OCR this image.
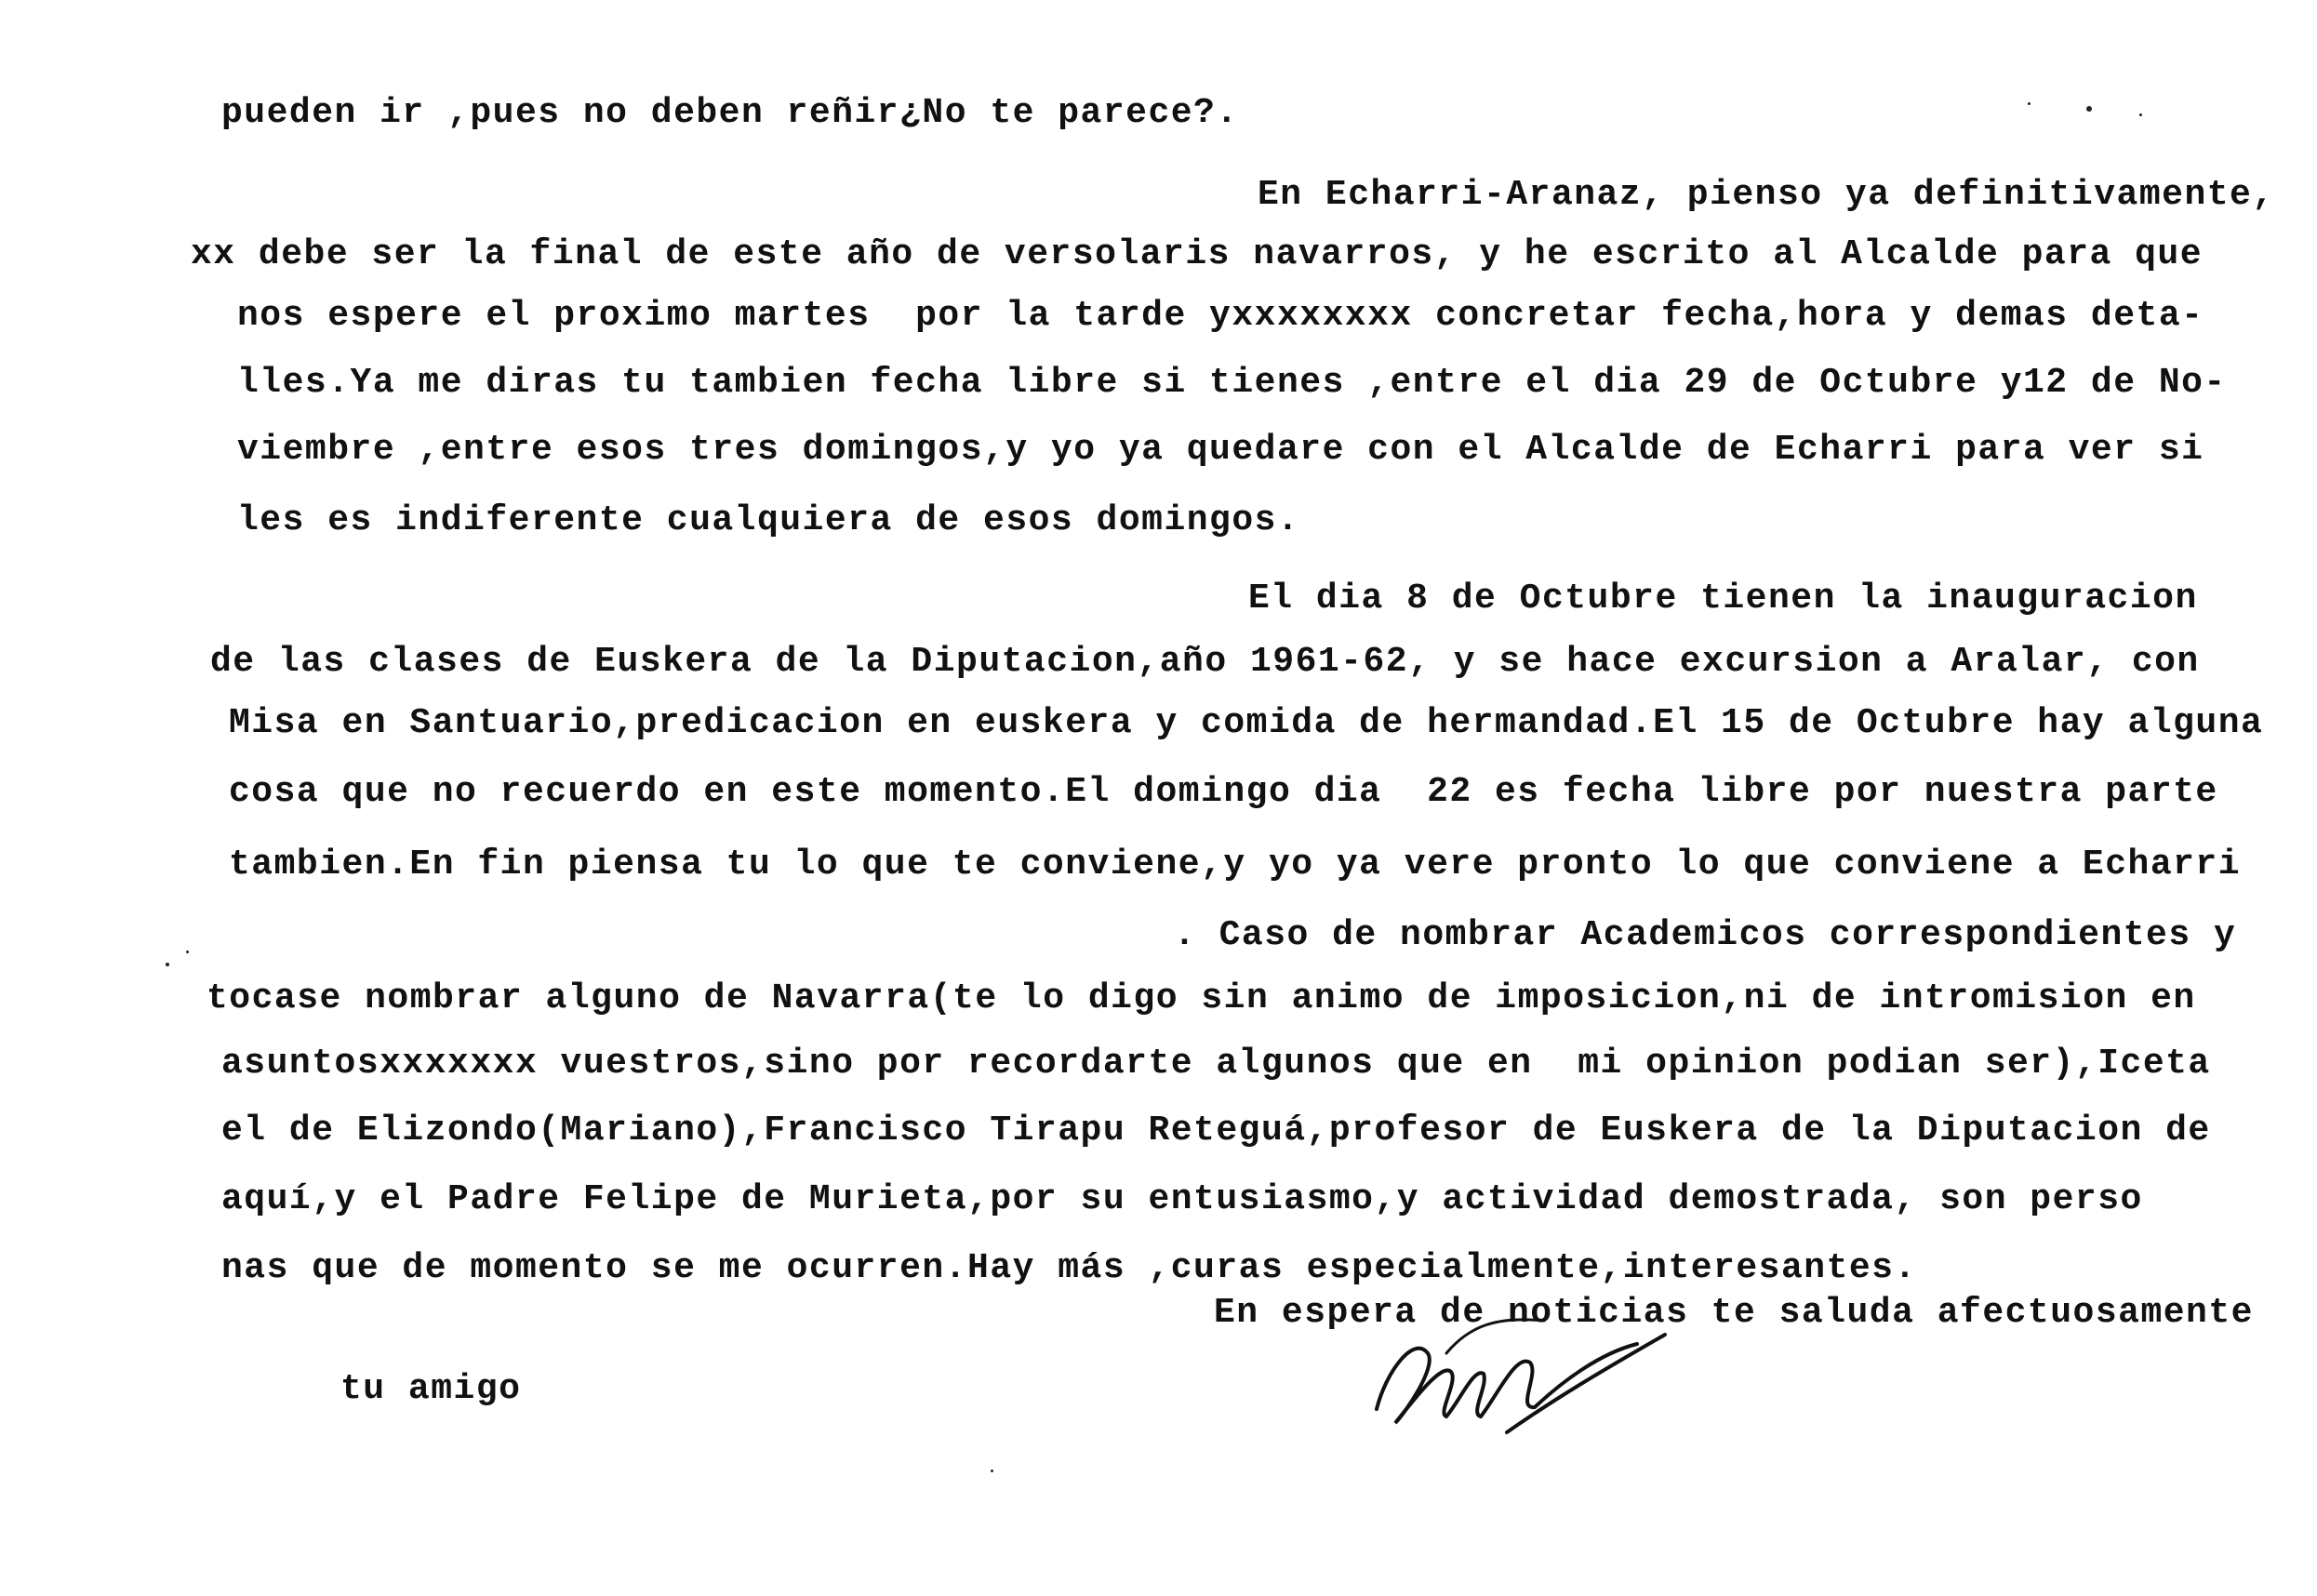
pueden ir ,pues no deben reñir¿No te parece?.
En Echarri-Aranaz, pienso ya definitivamente,
xx debe ser la final de este año de versolaris navarros, y he escrito al Alcalde para que
nos espere el proximo martes  por la tarde yxxxxxxxx concretar fecha,hora y demas deta-
lles.Ya me diras tu tambien fecha libre si tienes ,entre el dia 29 de Octubre y12 de No-
viembre ,entre esos tres domingos,y yo ya quedare con el Alcalde de Echarri para ver si
les es indiferente cualquiera de esos domingos.
El dia 8 de Octubre tienen la inauguracion
de las clases de Euskera de la Diputacion,año 1961-62, y se hace excursion a Aralar, con
Misa en Santuario,predicacion en euskera y comida de hermandad.El 15 de Octubre hay alguna
cosa que no recuerdo en este momento.El domingo dia  22 es fecha libre por nuestra parte
tambien.En fin piensa tu lo que te conviene,y yo ya vere pronto lo que conviene a Echarri
. Caso de nombrar Academicos correspondientes y
tocase nombrar alguno de Navarra(te lo digo sin animo de imposicion,ni de intromision en
asuntosxxxxxxx vuestros,sino por recordarte algunos que en  mi opinion podian ser),Iceta
el de Elizondo(Mariano),Francisco Tirapu Reteguá,profesor de Euskera de la Diputacion de
aquí,y el Padre Felipe de Murieta,por su entusiasmo,y actividad demostrada, son perso
nas que de momento se me ocurren.Hay más ,curas especialmente,interesantes.
En espera de noticias te saluda afectuosamente
tu amigo
